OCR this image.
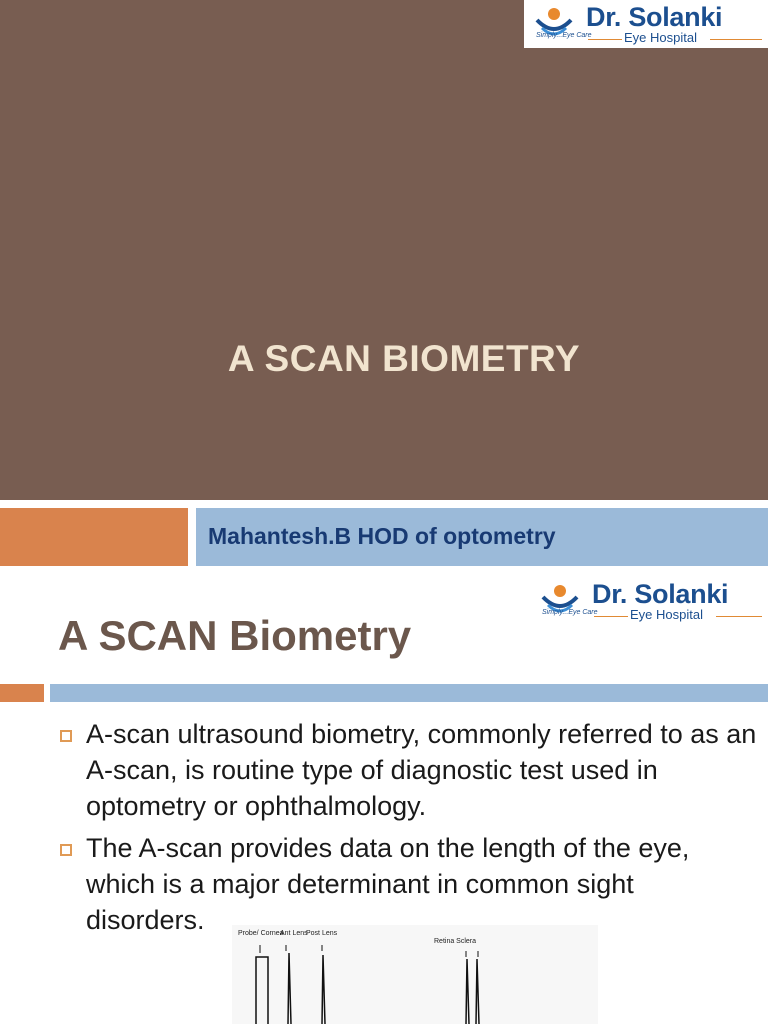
Dr. Solanki
Simply...Eye Care	Eye Hospital
A SCAN BIOMETRY
Mahantesh.B HOD of optometry
Dr. Solanki
Simply...Eye Care	Eye Hospital
A SCAN Biometry
A-scan ultrasound biometry, commonly referred to as an A-scan, is routine type of diagnostic test used in optometry or ophthalmology.
The A-scan provides data on the length of the eye, which is a major determinant in common sight disorders.	Probe/ Cornea
Ant Lens
Post Lens
Retina Sclera
